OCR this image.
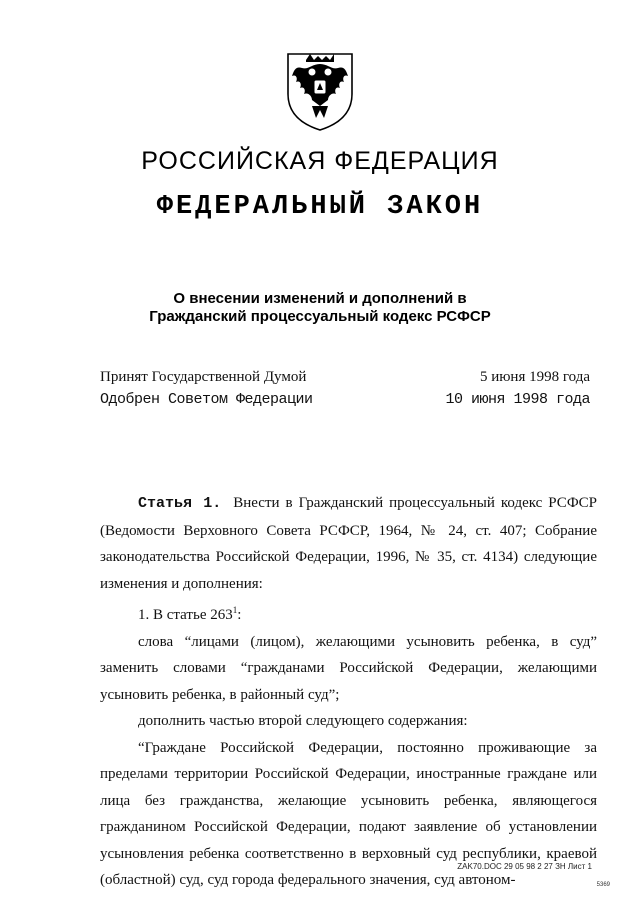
РОССИЙСКАЯ ФЕДЕРАЦИЯ
ФЕДЕРАЛЬНЫЙ ЗАКОН
О внесении изменений и дополнений в
Гражданский процессуальный кодекс РСФСР
Принят Государственной Думой	5 июня 1998 года
Одобрен Советом Федерации	10 июня 1998 года

Статья 1. Внести в Гражданский процессуальный кодекс РСФСР (Ведомости Верховного Совета РСФСР, 1964, № 24, ст. 407; Собрание законодательства Российской Федерации, 1996, № 35, ст. 4134) следующие изменения и дополнения:

1. В статье $263^1$:

слова “лицами (лицом), желающими усыновить ребенка, в суд” заменить словами “гражданами Российской Федерации, желающими усыновить ребенка, в районный суд”;

дополнить частью второй следующего содержания:

“Граждане Российской Федерации, постоянно проживающие за пределами территории Российской Федерации, иностранные граждане или лица без гражданства, желающие усыновить ребенка, являющегося гражданином Российской Федерации, подают заявление об установлении усыновления ребенка соответственно в верховный суд республики, краевой (областной) суд, суд города федерального значения, суд автоном-

ZAK70.DOC 29 05 98 2 27 ЗН Лист 1
5369
